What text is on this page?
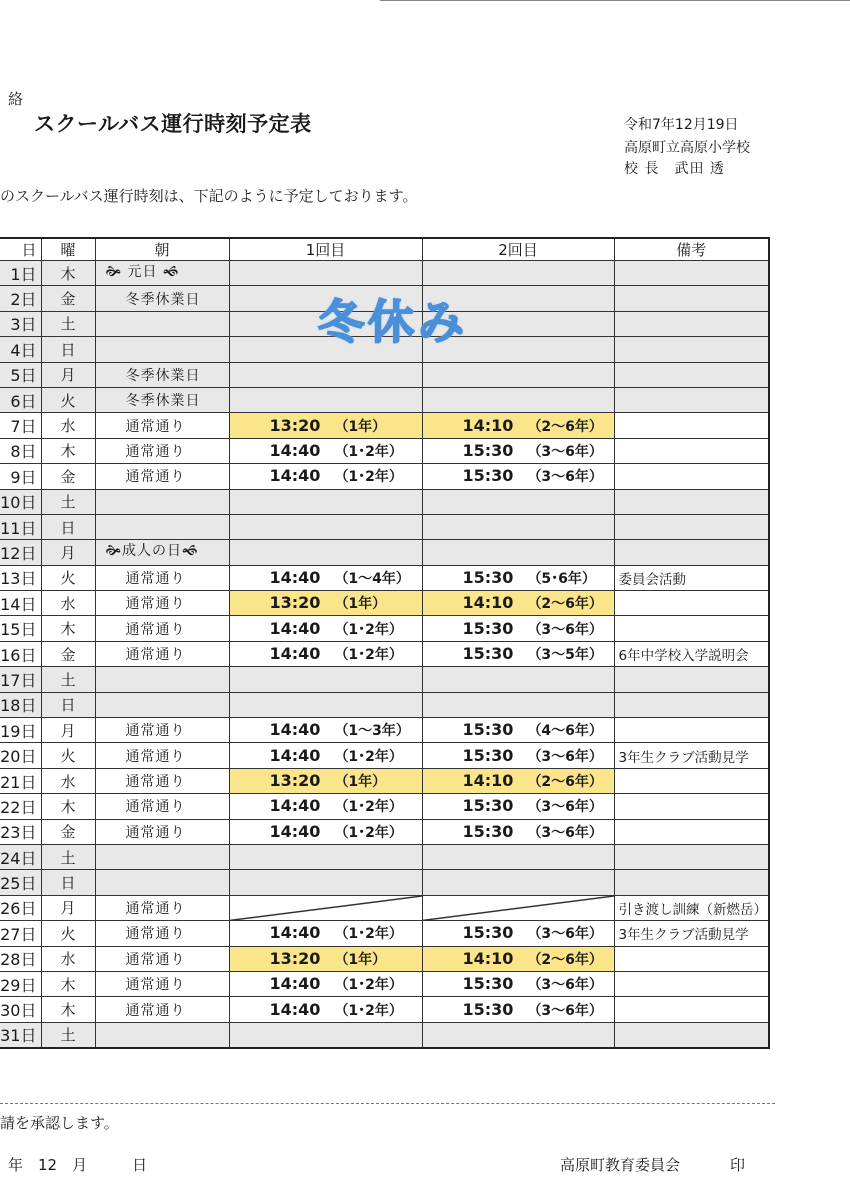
絡
スクールバス運行時刻予定表	令和7年12月19日
高原町立高原小学校
校 長　武田 透
のスクールバス運行時刻は、下記のように予定しております。
日	曜	朝	1回目	2回目	備考
1日	木	🙞 元日 🙜			
2日	金	冬季休業日			
3日	土				
4日	日				
5日	月	冬季休業日			
6日	火	冬季休業日			
7日	水	通常通り	13:20 （1年）	14:10 （2～6年）	
8日	木	通常通り	14:40 （1･2年）	15:30 （3～6年）	
9日	金	通常通り	14:40 （1･2年）	15:30 （3～6年）	
10日	土				
11日	日				
12日	月	🙞成人の日🙜			
13日	火	通常通り	14:40 （1～4年）	15:30 （5･6年）	委員会活動
14日	水	通常通り	13:20 （1年）	14:10 （2～6年）	
15日	木	通常通り	14:40 （1･2年）	15:30 （3～6年）	
16日	金	通常通り	14:40 （1･2年）	15:30 （3～5年）	6年中学校入学説明会
17日	土				
18日	日				
19日	月	通常通り	14:40 （1～3年）	15:30 （4～6年）	
20日	火	通常通り	14:40 （1･2年）	15:30 （3～6年）	3年生クラブ活動見学
21日	水	通常通り	13:20 （1年）	14:10 （2～6年）	
22日	木	通常通り	14:40 （1･2年）	15:30 （3～6年）	
23日	金	通常通り	14:40 （1･2年）	15:30 （3～6年）	
24日	土				
25日	日				
26日	月	通常通り			引き渡し訓練（新燃岳）
27日	火	通常通り	14:40 （1･2年）	15:30 （3～6年）	3年生クラブ活動見学
28日	水	通常通り	13:20 （1年）	14:10 （2～6年）	
29日	木	通常通り	14:40 （1･2年）	15:30 （3～6年）	
30日	木	通常通り	14:40 （1･2年）	15:30 （3～6年）	
31日	土				
冬休み
請を承認します。
年　12　月　　　日	高原町教育委員会	印
